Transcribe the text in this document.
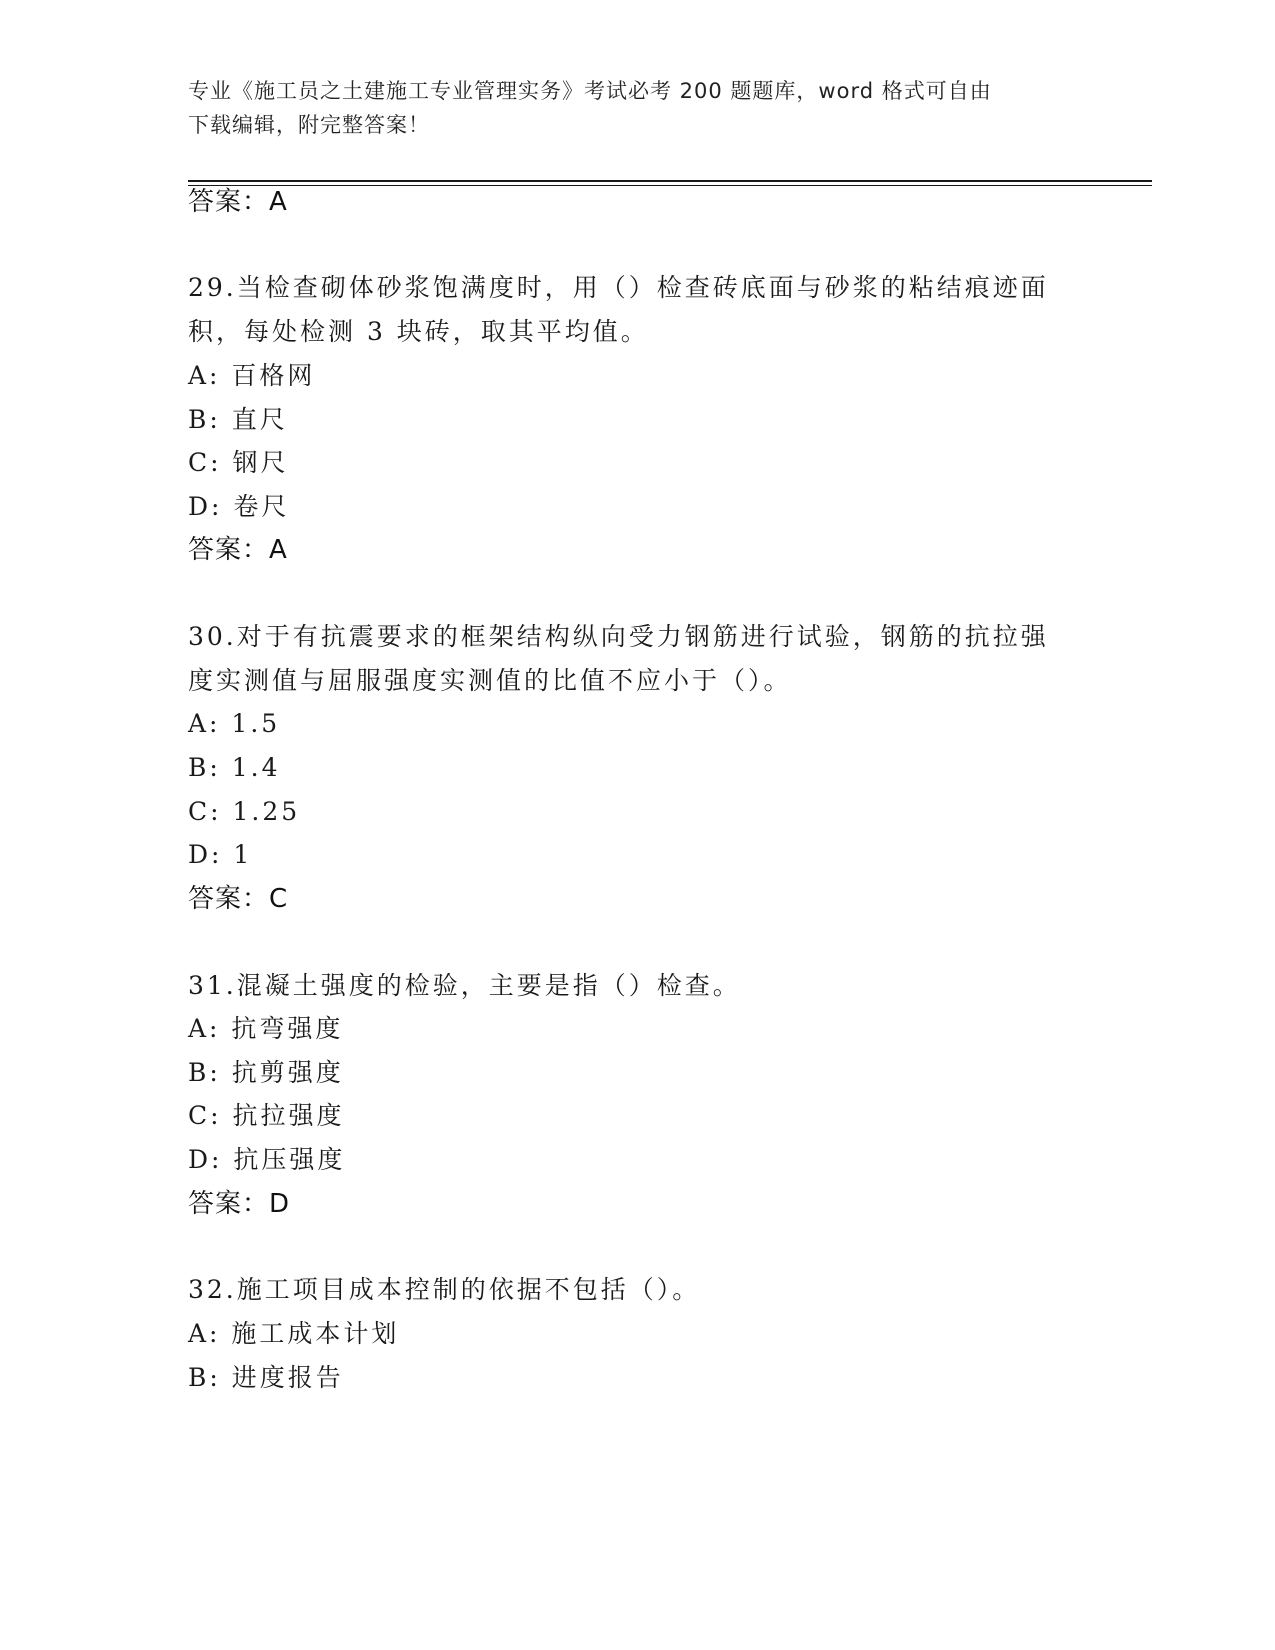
专业《施工员之土建施工专业管理实务》考试必考 200 题题库，word 格式可自由
下载编辑，附完整答案！
答案：A
29.当检查砌体砂浆饱满度时，用（）检查砖底面与砂浆的粘结痕迹面
积，每处检测 3 块砖，取其平均值。
A: 百格网
B: 直尺
C: 钢尺
D: 卷尺
答案：A
30.对于有抗震要求的框架结构纵向受力钢筋进行试验，钢筋的抗拉强
度实测值与屈服强度实测值的比值不应小于（）。
A: 1.5
B: 1.4
C: 1.25
D: 1
答案：C
31.混凝土强度的检验，主要是指（）检查。
A: 抗弯强度
B: 抗剪强度
C: 抗拉强度
D: 抗压强度
答案：D
32.施工项目成本控制的依据不包括（）。
A: 施工成本计划
B: 进度报告
